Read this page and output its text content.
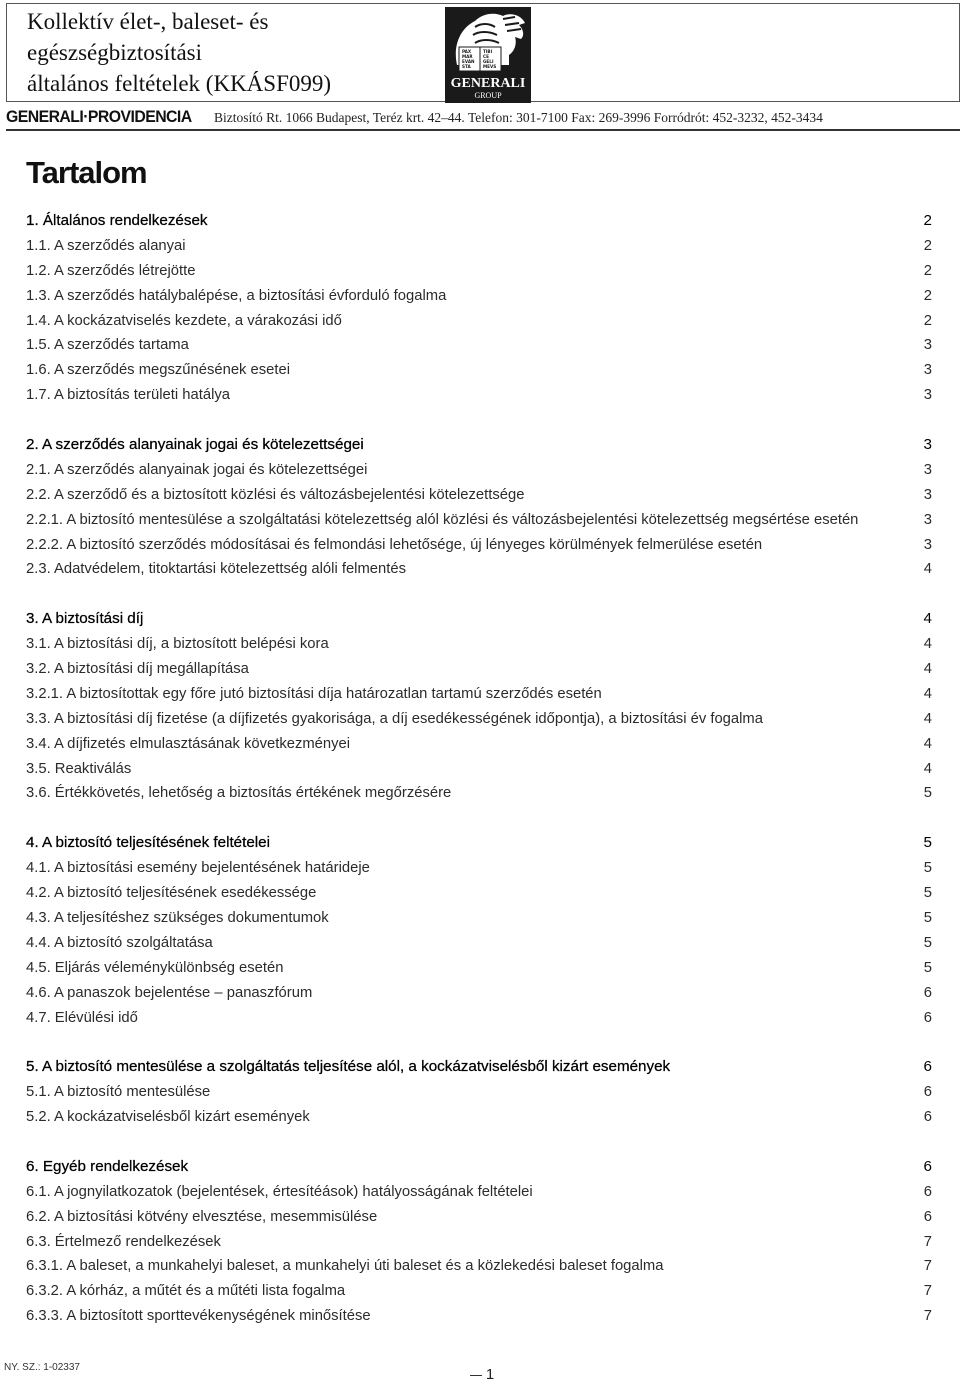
Kollektív élet-, baleset- és
egészségbiztosítási
általános feltételek (KKÁSF099)
PAX	TIBI
MAR CE
EVAN GELI
STA	MEVS
GENERALI
GROUP
GENERALI·PROVIDENCIA Biztosító Rt. 1066 Budapest, Teréz krt. 42–44. Telefon: 301-7100 Fax: 269-3996 Forródrót: 452-3232, 452-3434
Tartalom
1. Általános rendelkezések	2
1.1. A szerződés alanyai	2
1.2. A szerződés létrejötte	2
1.3. A szerződés hatálybalépése, a biztosítási évforduló fogalma	2
1.4. A kockázatviselés kezdete, a várakozási idő	2
1.5. A szerződés tartama	3
1.6. A szerződés megszűnésének esetei	3
1.7. A biztosítás területi hatálya	3
2. A szerződés alanyainak jogai és kötelezettségei	3
2.1. A szerződés alanyainak jogai és kötelezettségei	3
2.2. A szerződő és a biztosított közlési és változásbejelentési kötelezettsége	3
2.2.1. A biztosító mentesülése a szolgáltatási kötelezettség alól közlési és változásbejelentési kötelezettség megsértése esetén	3
2.2.2. A biztosító szerződés módosításai és felmondási lehetősége, új lényeges körülmények felmerülése esetén	3
2.3. Adatvédelem, titoktartási kötelezettség alóli felmentés	4
3. A biztosítási díj	4
3.1. A biztosítási díj, a biztosított belépési kora	4
3.2. A biztosítási díj megállapítása	4
3.2.1. A biztosítottak egy főre jutó biztosítási díja határozatlan tartamú szerződés esetén	4
3.3. A biztosítási díj fizetése (a díjfizetés gyakorisága, a díj esedékességének időpontja), a biztosítási év fogalma	4
3.4. A díjfizetés elmulasztásának következményei	4
3.5. Reaktiválás	4
3.6. Értékkövetés, lehetőség a biztosítás értékének megőrzésére	5
4. A biztosító teljesítésének feltételei	5
4.1. A biztosítási esemény bejelentésének határideje	5
4.2. A biztosító teljesítésének esedékessége	5
4.3. A teljesítéshez szükséges dokumentumok	5
4.4. A biztosító szolgáltatása	5
4.5. Eljárás véleménykülönbség esetén	5
4.6. A panaszok bejelentése – panaszfórum	6
4.7. Elévülési idő	6
5. A biztosító mentesülése a szolgáltatás teljesítése alól, a kockázatviselésből kizárt események	6
5.1. A biztosító mentesülése	6
5.2. A kockázatviselésből kizárt események	6
6. Egyéb rendelkezések	6
6.1. A jognyilatkozatok (bejelentések, értesítéások) hatályosságának feltételei	6
6.2. A biztosítási kötvény elvesztése, mesemmisülése	6
6.3. Értelmező rendelkezések	7
6.3.1. A baleset, a munkahelyi baleset, a munkahelyi úti baleset és a közlekedési baleset fogalma	7
6.3.2. A kórház, a műtét és a műtéti lista fogalma	7
6.3.3. A biztosított sporttevékenységének minősítése	7
NY. SZ.: 1-02337	1
